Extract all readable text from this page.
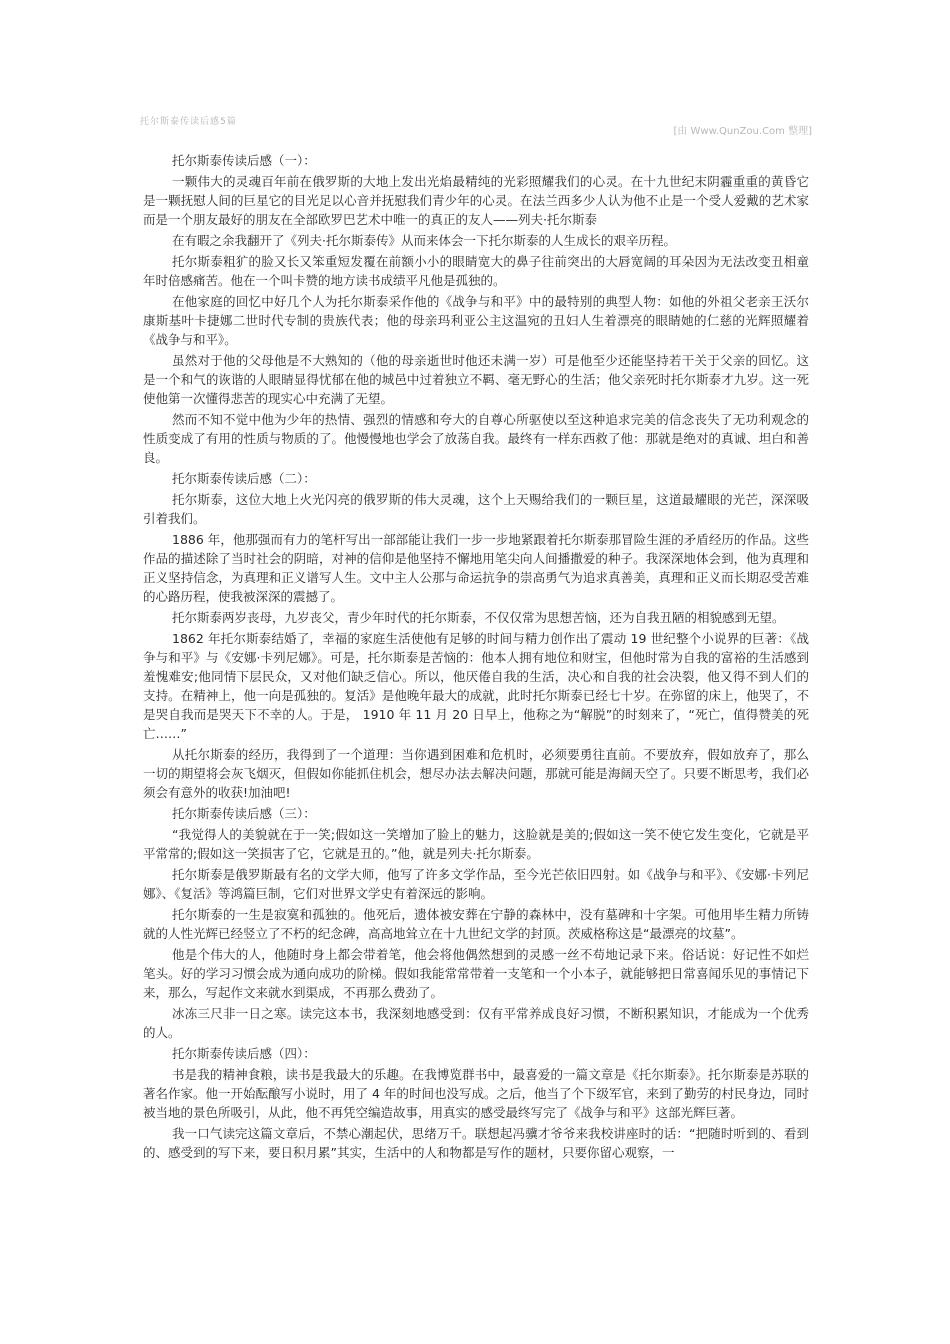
托尔斯泰传读后感5篇
[由 Www.QunZou.Com 整理]

托尔斯泰传读后感（一）：

一颗伟大的灵魂百年前在俄罗斯的大地上发出光焰最精纯的光彩照耀我们的心灵。在十九世纪末阴霾重重的黄昏它是一颗抚慰人间的巨星它的目光足以心音并抚慰我们青少年的心灵。在法兰西多少人认为他不止是一个受人爱戴的艺术家而是一个朋友最好的朋友在全部欧罗巴艺术中唯一的真正的友人——列夫·托尔斯泰

在有暇之余我翻开了《列夫·托尔斯泰传》从而来体会一下托尔斯泰的人生成长的艰辛历程。

托尔斯泰粗犷的脸又长又笨重短发覆在前额小小的眼睛宽大的鼻子往前突出的大唇宽阔的耳朵因为无法改变丑相童年时倍感痛苦。他在一个叫卡赞的地方读书成绩平凡他是孤独的。

在他家庭的回忆中好几个人为托尔斯泰采作他的《战争与和平》中的最特别的典型人物：如他的外祖父老亲王沃尔康斯基叶卡捷娜二世时代专制的贵族代表；他的母亲玛利亚公主这温宛的丑妇人生着漂亮的眼睛她的仁慈的光辉照耀着《战争与和平》。

虽然对于他的父母他是不大熟知的（他的母亲逝世时他还未满一岁）可是他至少还能坚持若干关于父亲的回忆。这是一个和气的诙谐的人眼睛显得忧郁在他的城邑中过着独立不羁、毫无野心的生活；他父亲死时托尔斯泰才九岁。这一死使他第一次懂得悲苦的现实心中充满了无望。

然而不知不觉中他为少年的热情、强烈的情感和夸大的自尊心所驱使以至这种追求完美的信念丧失了无功利观念的性质变成了有用的性质与物质的了。他慢慢地也学会了放荡自我。最终有一样东西救了他：那就是绝对的真诚、坦白和善良。

托尔斯泰传读后感（二）：

托尔斯泰，这位大地上火光闪亮的俄罗斯的伟大灵魂，这个上天赐给我们的一颗巨星，这道最耀眼的光芒，深深吸引着我们。

1886 年，他那强而有力的笔杆写出一部部能让我们一步一步地紧跟着托尔斯泰那冒险生涯的矛盾经历的作品。这些作品的描述除了当时社会的阴暗，对神的信仰是他坚持不懈地用笔尖向人间播撒爱的种子。我深深地体会到，他为真理和正义坚持信念，为真理和正义谱写人生。文中主人公那与命运抗争的崇高勇气为追求真善美，真理和正义而长期忍受苦难的心路历程，使我被深深的震撼了。

托尔斯泰两岁丧母，九岁丧父，青少年时代的托尔斯泰，不仅仅常为思想苦恼，还为自我丑陋的相貌感到无望。

1862 年托尔斯泰结婚了，幸福的家庭生活使他有足够的时间与精力创作出了震动 19 世纪整个小说界的巨著：《战争与和平》与《安娜·卡列尼娜》。可是，托尔斯泰是苦恼的：他本人拥有地位和财宝，但他时常为自我的富裕的生活感到羞愧难安;他同情下层民众，又对他们缺乏信心。所以，他厌倦自我的生活，决心和自我的社会决裂，他又得不到人们的支持。在精神上，他一向是孤独的。复活》是他晚年最大的成就，此时托尔斯泰已经七十岁。在弥留的床上，他哭了，不是哭自我而是哭天下不幸的人。于是， 1910 年 11 月 20 日早上，他称之为“解脱”的时刻来了，“死亡，值得赞美的死亡……”

从托尔斯泰的经历，我得到了一个道理：当你遇到困难和危机时，必须要勇往直前。不要放弃，假如放弃了，那么一切的期望将会灰飞烟灭，但假如你能抓住机会，想尽办法去解决问题，那就可能是海阔天空了。只要不断思考，我们必须会有意外的收获!加油吧!

托尔斯泰传读后感（三）：

“我觉得人的美貌就在于一笑;假如这一笑增加了脸上的魅力，这脸就是美的;假如这一笑不使它发生变化，它就是平平常常的;假如这一笑损害了它，它就是丑的。”他，就是列夫·托尔斯泰。

托尔斯泰是俄罗斯最有名的文学大师，他写了许多文学作品，至今光芒依旧四射。如《战争与和平》、《安娜·卡列尼娜》、《复活》等鸿篇巨制，它们对世界文学史有着深远的影响。

托尔斯泰的一生是寂寞和孤独的。他死后，遗体被安葬在宁静的森林中，没有墓碑和十字架。可他用毕生精力所铸就的人性光辉已经竖立了不朽的纪念碑，高高地耸立在十九世纪文学的封顶。茨威格称这是“最漂亮的坟墓”。

他是个伟大的人，他随时身上都会带着笔，他会将他偶然想到的灵感一丝不苟地记录下来。俗话说：好记性不如烂笔头。好的学习习惯会成为通向成功的阶梯。假如我能常常带着一支笔和一个小本子，就能够把日常喜闻乐见的事情记下来，那么，写起作文来就水到渠成，不再那么费劲了。

冰冻三尺非一日之寒。读完这本书，我深刻地感受到：仅有平常养成良好习惯，不断积累知识，才能成为一个优秀的人。

托尔斯泰传读后感（四）：

书是我的精神食粮，读书是我最大的乐趣。在我博览群书中，最喜爱的一篇文章是《托尔斯泰》。托尔斯泰是苏联的著名作家。他一开始酝酿写小说时，用了 4 年的时间也没写成。之后，他当了个下级军官，来到了勤劳的村民身边，同时被当地的景色所吸引，从此，他不再凭空编造故事，用真实的感受最终写完了《战争与和平》这部光辉巨著。

我一口气读完这篇文章后，不禁心潮起伏，思绪万千。联想起冯骥才爷爷来我校讲座时的话：“把随时听到的、看到的、感受到的写下来，要日积月累”其实，生活中的人和物都是写作的题材，只要你留心观察，一
